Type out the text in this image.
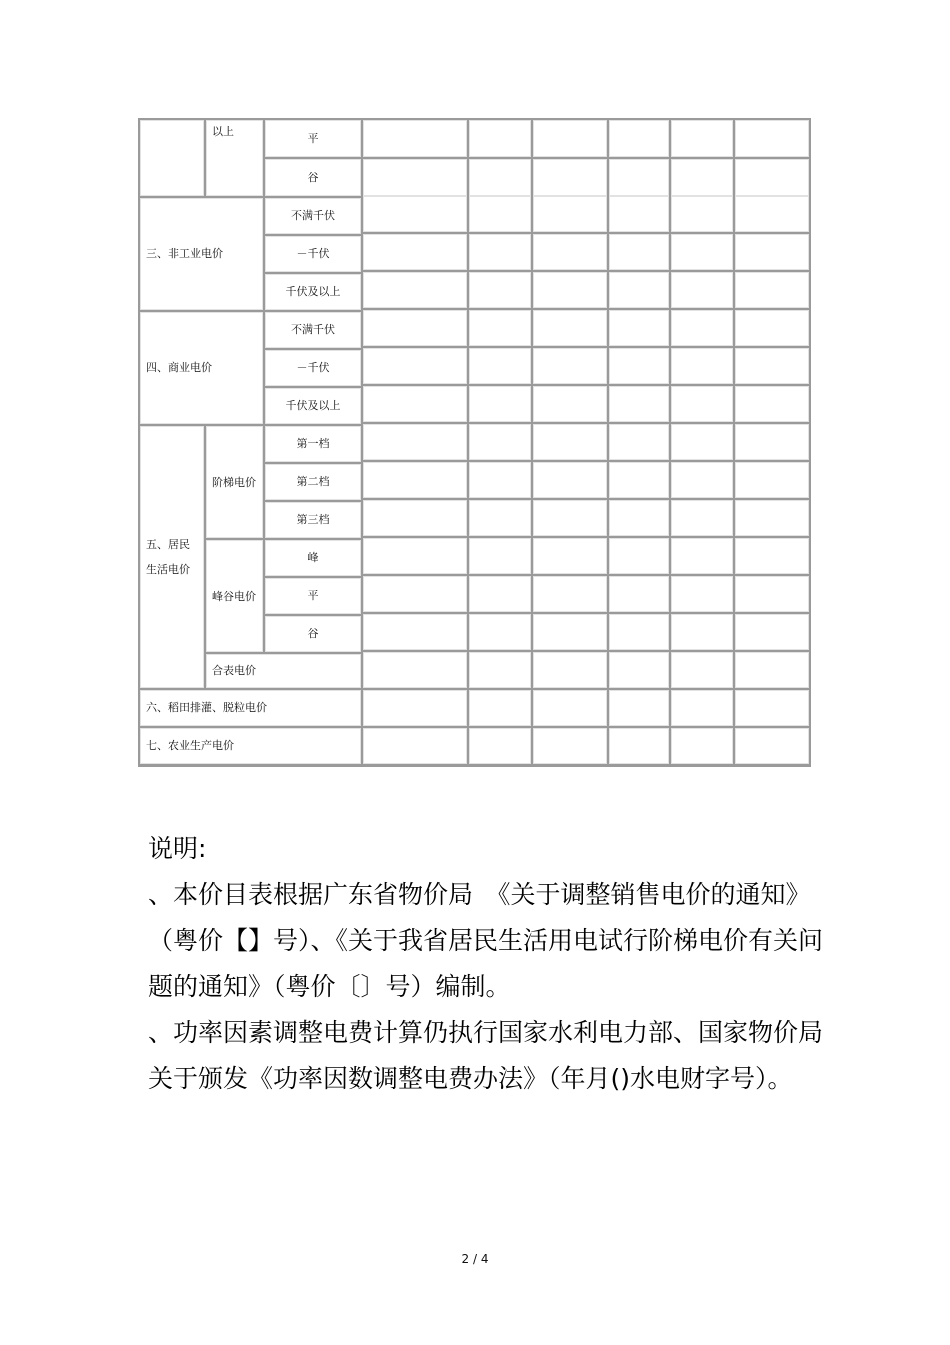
以上	平
谷
三、非工业电价
不满千伏
－千伏
千伏及以上
四、商业电价
不满千伏
－千伏
千伏及以上
五、居民生活电价
阶梯电价
第一档
第二档
第三档
峰谷电价
峰
平
谷
合表电价
六、稻田排灌、脱粒电价
七、农业生产电价

说明:

、本价目表根据广东省物价局　《关于调整销售电价的通知》（粤价【】号）、《关于我省居民生活用电试行阶梯电价有关问题的通知》（粤价〔〕号）编制。

、功率因素调整电费计算仍执行国家水利电力部、国家物价局关于颁发《功率因数调整电费办法》（年月()水电财字号）。

2 / 4
